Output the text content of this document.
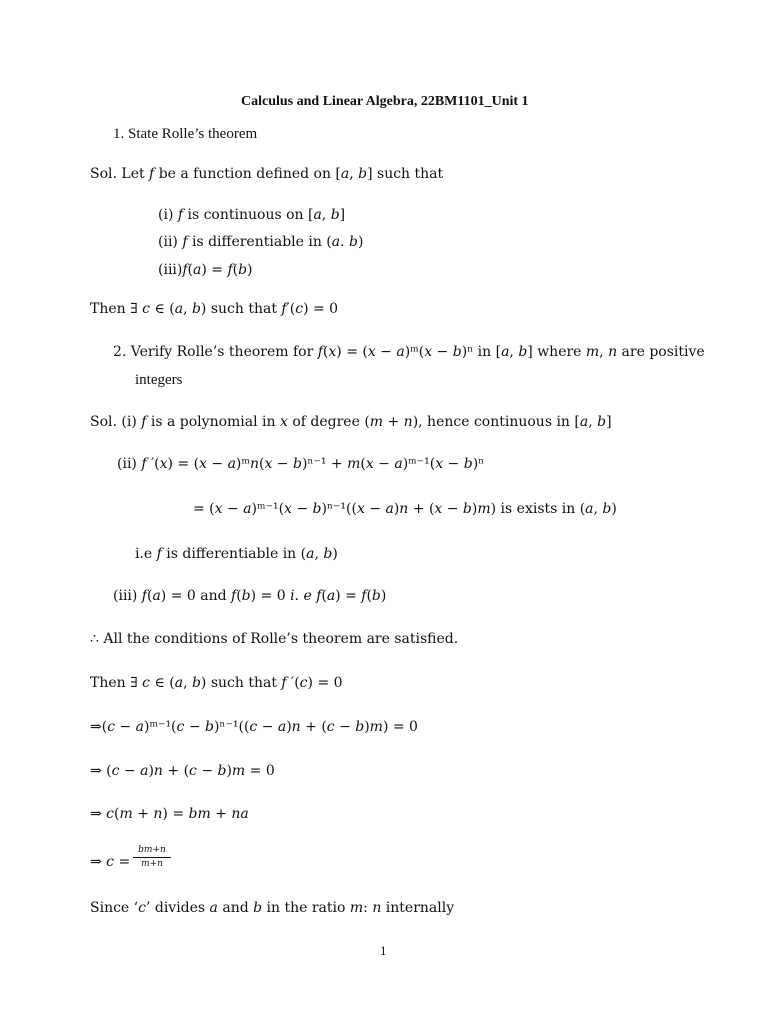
Calculus and Linear Algebra, 22BM1101_Unit 1
1. State Rolle’s theorem
Sol. Let 𝑓 be a function defined on [𝑎, 𝑏] such that
(i) 𝑓 is continuous on [𝑎, 𝑏]
(ii) 𝑓 is differentiable in (𝑎. 𝑏)
(iii)𝑓(𝑎) = 𝑓(𝑏)
Then ∃ 𝑐 ∈ (𝑎, 𝑏) such that 𝑓′(𝑐) = 0
2. Verify Rolle’s theorem for 𝑓(𝑥) = (𝑥 − 𝑎)ᵐ(𝑥 − 𝑏)ⁿ in [𝑎, 𝑏] where 𝑚, 𝑛 are positive
integers
Sol. (i) 𝑓 is a polynomial in 𝑥 of degree (𝑚 + 𝑛), hence continuous in [𝑎, 𝑏]
(ii) 𝑓 ′(𝑥) = (𝑥 − 𝑎)ᵐ𝑛(𝑥 − 𝑏)ⁿ⁻¹ + 𝑚(𝑥 − 𝑎)ᵐ⁻¹(𝑥 − 𝑏)ⁿ
= (𝑥 − 𝑎)ᵐ⁻¹(𝑥 − 𝑏)ⁿ⁻¹((𝑥 − 𝑎)𝑛 + (𝑥 − 𝑏)𝑚) is exists in (𝑎, 𝑏)
i.e 𝑓 is differentiable in (𝑎, 𝑏)
(iii) 𝑓(𝑎) = 0 and 𝑓(𝑏) = 0 𝑖. 𝑒 𝑓(𝑎) = 𝑓(𝑏)
∴ All the conditions of Rolle’s theorem are satisfied.
Then ∃ 𝑐 ∈ (𝑎, 𝑏) such that 𝑓 ′(𝑐) = 0
⇒(𝑐 − 𝑎)ᵐ⁻¹(𝑐 − 𝑏)ⁿ⁻¹((𝑐 − 𝑎)𝑛 + (𝑐 − 𝑏)𝑚) = 0
⇒ (𝑐 − 𝑎)𝑛 + (𝑐 − 𝑏)𝑚 = 0
⇒ 𝑐(𝑚 + 𝑛) = 𝑏𝑚 + 𝑛𝑎
⇒ 𝑐 =
𝑏𝑚+𝑛
𝑚+𝑛
Since ‘𝑐’ divides 𝑎 and 𝑏 in the ratio 𝑚: 𝑛 internally
1
